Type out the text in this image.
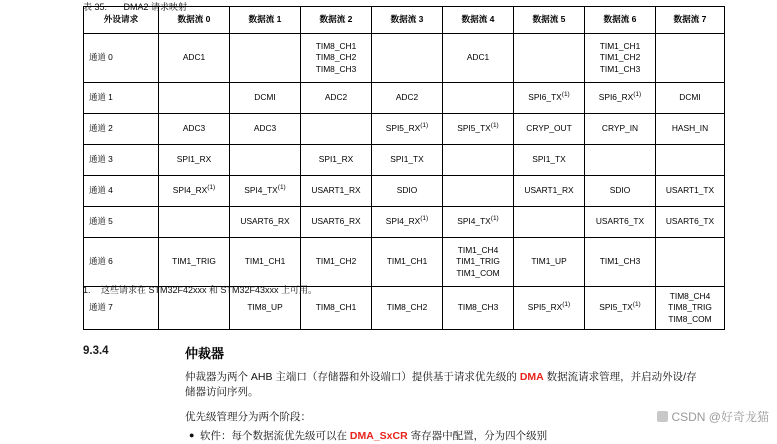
表 35. DMA2 请求映射
外设请求	数据流 0	数据流 1	数据流 2	数据流 3	数据流 4	数据流 5	数据流 6	数据流 7
通道 0	ADC1		TIM8_CH1
TIM8_CH2
TIM8_CH3		ADC1		TIM1_CH1
TIM1_CH2
TIM1_CH3	

通道 1		DCMI	ADC2	ADC2		SPI6_TX$^{(1)}$	SPI6_RX$^{(1)}$	DCMI
通道 2	ADC3	ADC3		SPI5_RX$^{(1)}$	SPI5_TX$^{(1)}$	CRYP_OUT	CRYP_IN	HASH_IN
通道 3	SPI1_RX		SPI1_RX	SPI1_TX		SPI1_TX		
通道 4	SPI4_RX$^{(1)}$	SPI4_TX$^{(1)}$	USART1_RX	SDIO		USART1_RX	SDIO	USART1_TX
通道 5		USART6_RX	USART6_RX	SPI4_RX$^{(1)}$	SPI4_TX$^{(1)}$		USART6_TX	USART6_TX
通道 6	TIM1_TRIG	TIM1_CH1	TIM1_CH2	TIM1_CH1	TIM1_CH4
TIM1_TRIG
TIM1_COM	TIM1_UP	TIM1_CH3	
通道 7		TIM8_UP	TIM8_CH1	TIM8_CH2	TIM8_CH3	SPI5_RX$^{(1)}$	SPI5_TX$^{(1)}$	TIM8_CH4
TIM8_TRIG
TIM8_COM
1. 这些请求在 STM32F42xxx 和 STM32F43xxx 上可用。
9.3.4	仲裁器
仲裁器为两个 AHB 主端口（存储器和外设端口）提供基于请求优先级的 DMA 数据流请求管理，并启动外设/存储器访问序列。
优先级管理分为两个阶段：
● 软件：每个数据流优先级可以在 DMA_SxCR 寄存器中配置，分为四个级别
CSDN @好奇龙猫
